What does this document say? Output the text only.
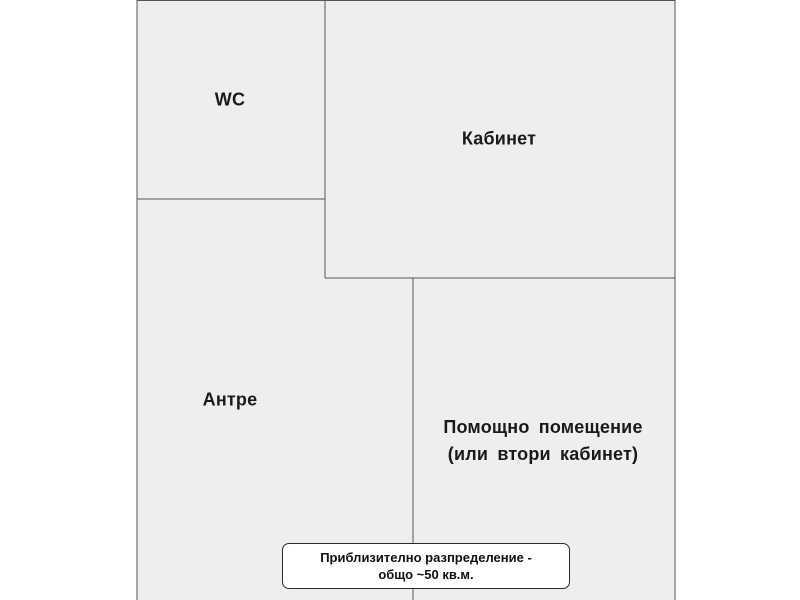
WC
Кабинет
Антре
Помощно помещение
(или втори кабинет)
Приблизително разпределение -
общо ~50 кв.м.
